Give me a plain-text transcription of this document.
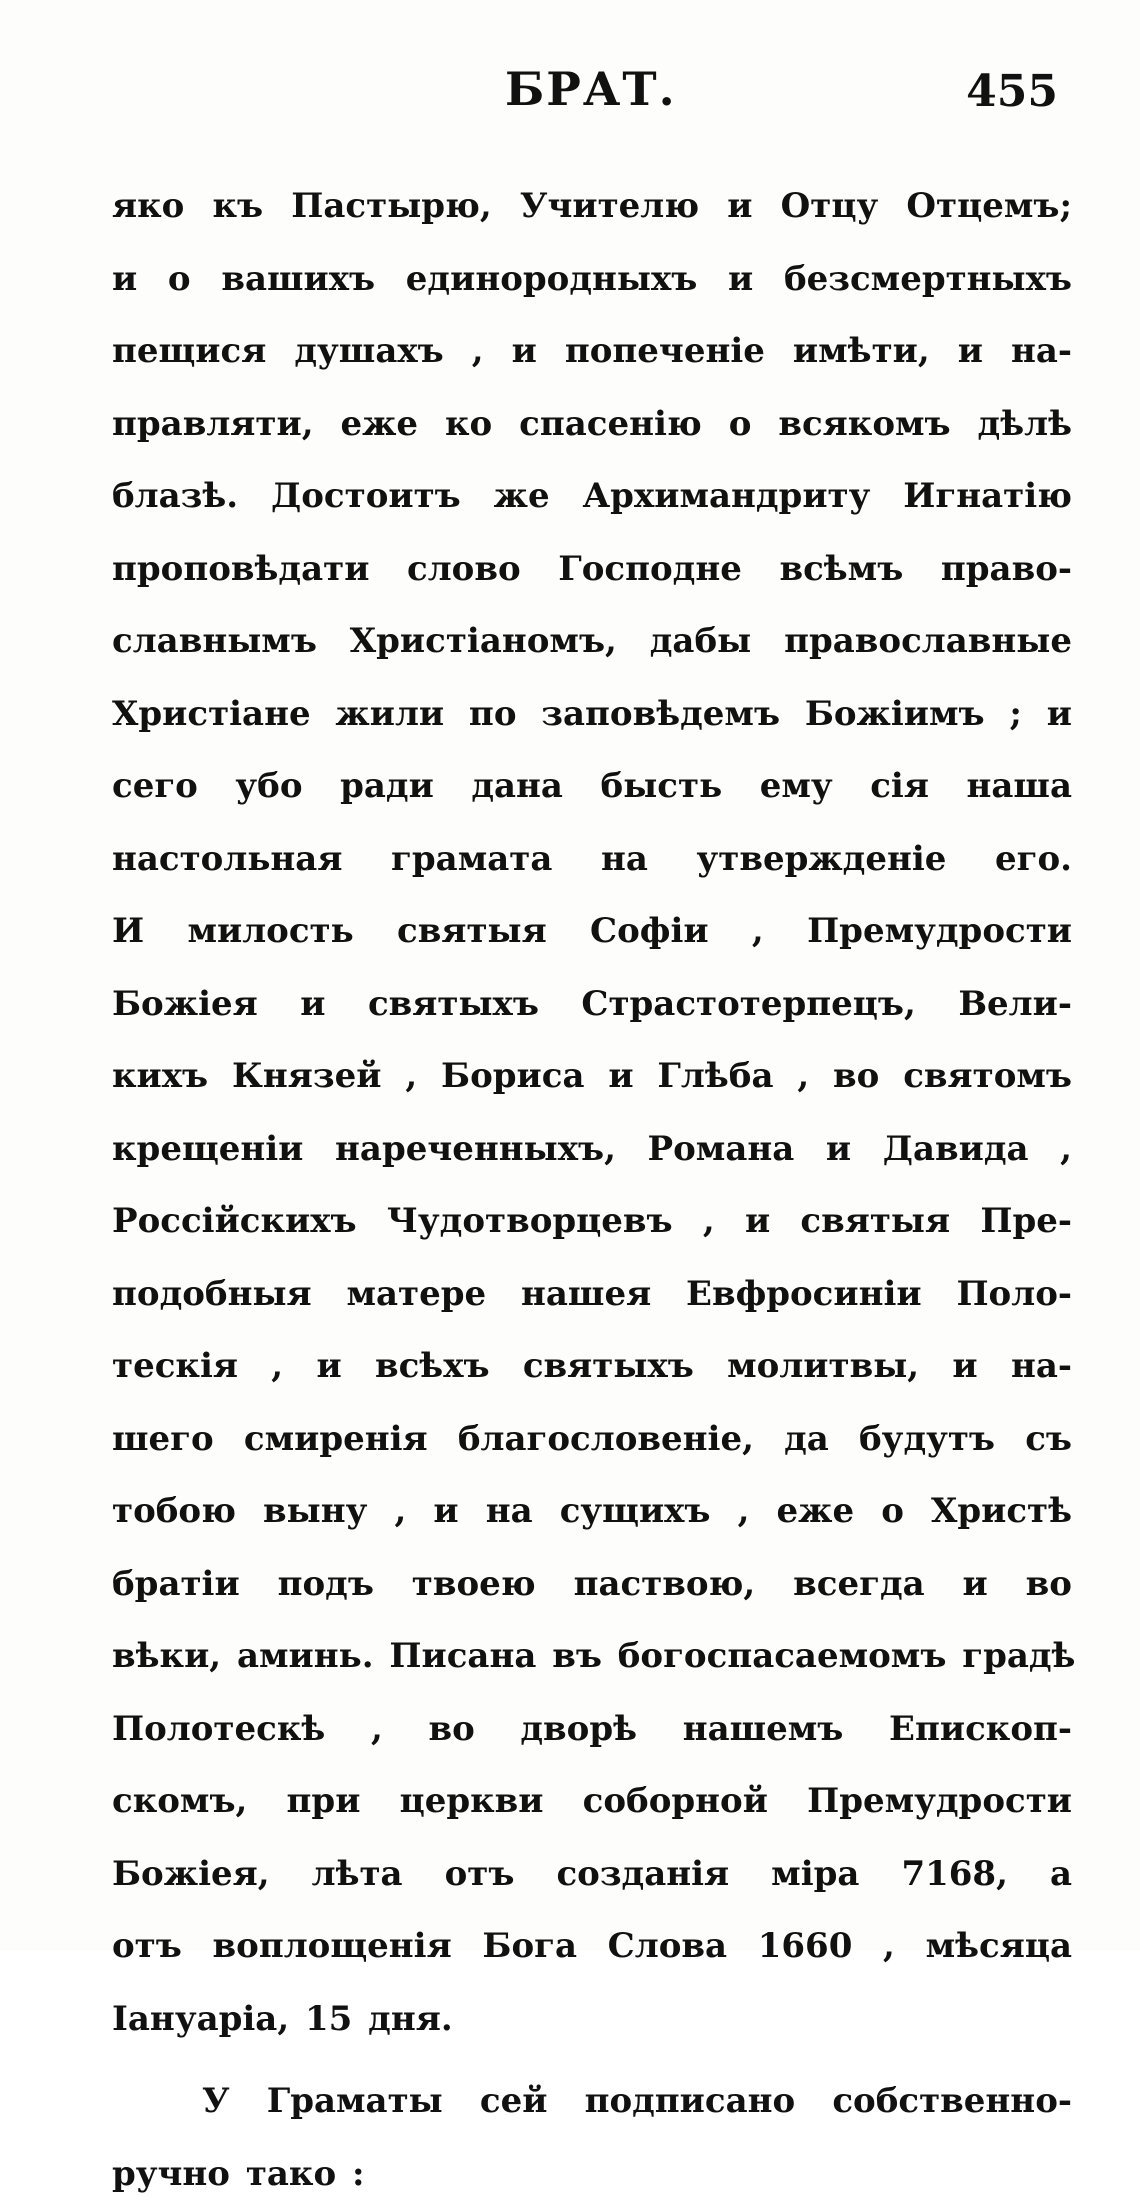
БРАТ.	455
яко къ Пастырю, Учителю и Отцу Отцемъ;
и о вашихъ единородныхъ и безсмертныхъ
пещися душахъ , и попеченіе имѣти, и на-
правляти, еже ко спасенію о всякомъ дѣлѣ
блазѣ. Достоитъ же Архимандриту Игнатію
проповѣдати слово Господне всѣмъ право-
славнымъ Христіаномъ, дабы православные
Христіане жили по заповѣдемъ Божіимъ ; и
сего убо ради дана бысть ему сія наша
настольная грамата на утвержденіе его.
И милость святыя Софіи , Премудрости
Божіея и святыхъ Страстотерпецъ, Вели-
кихъ Князей , Бориса и Глѣба , во святомъ
крещеніи нареченныхъ, Романа и Давида ,
Россійскихъ Чудотворцевъ , и святыя Пре-
подобныя матере нашея Евфросиніи Поло-
тескія , и всѣхъ святыхъ молитвы, и на-
шего смиренія благословеніе, да будутъ съ
тобою выну , и на сущихъ , еже о Христѣ
братіи подъ твоею паствою, всегда и во
вѣки, аминь. Писана въ богоспасаемомъ градѣ
Полотескѣ , во дворѣ нашемъ Епископ-
скомъ, при церкви соборной Премудрости
Божіея, лѣта отъ созданія міра 7168, а
отъ воплощенія Бога Слова 1660 , мѣсяца
Іануаріа, 15 дня.
У Граматы сей подписано собственно-
ручно тако :
